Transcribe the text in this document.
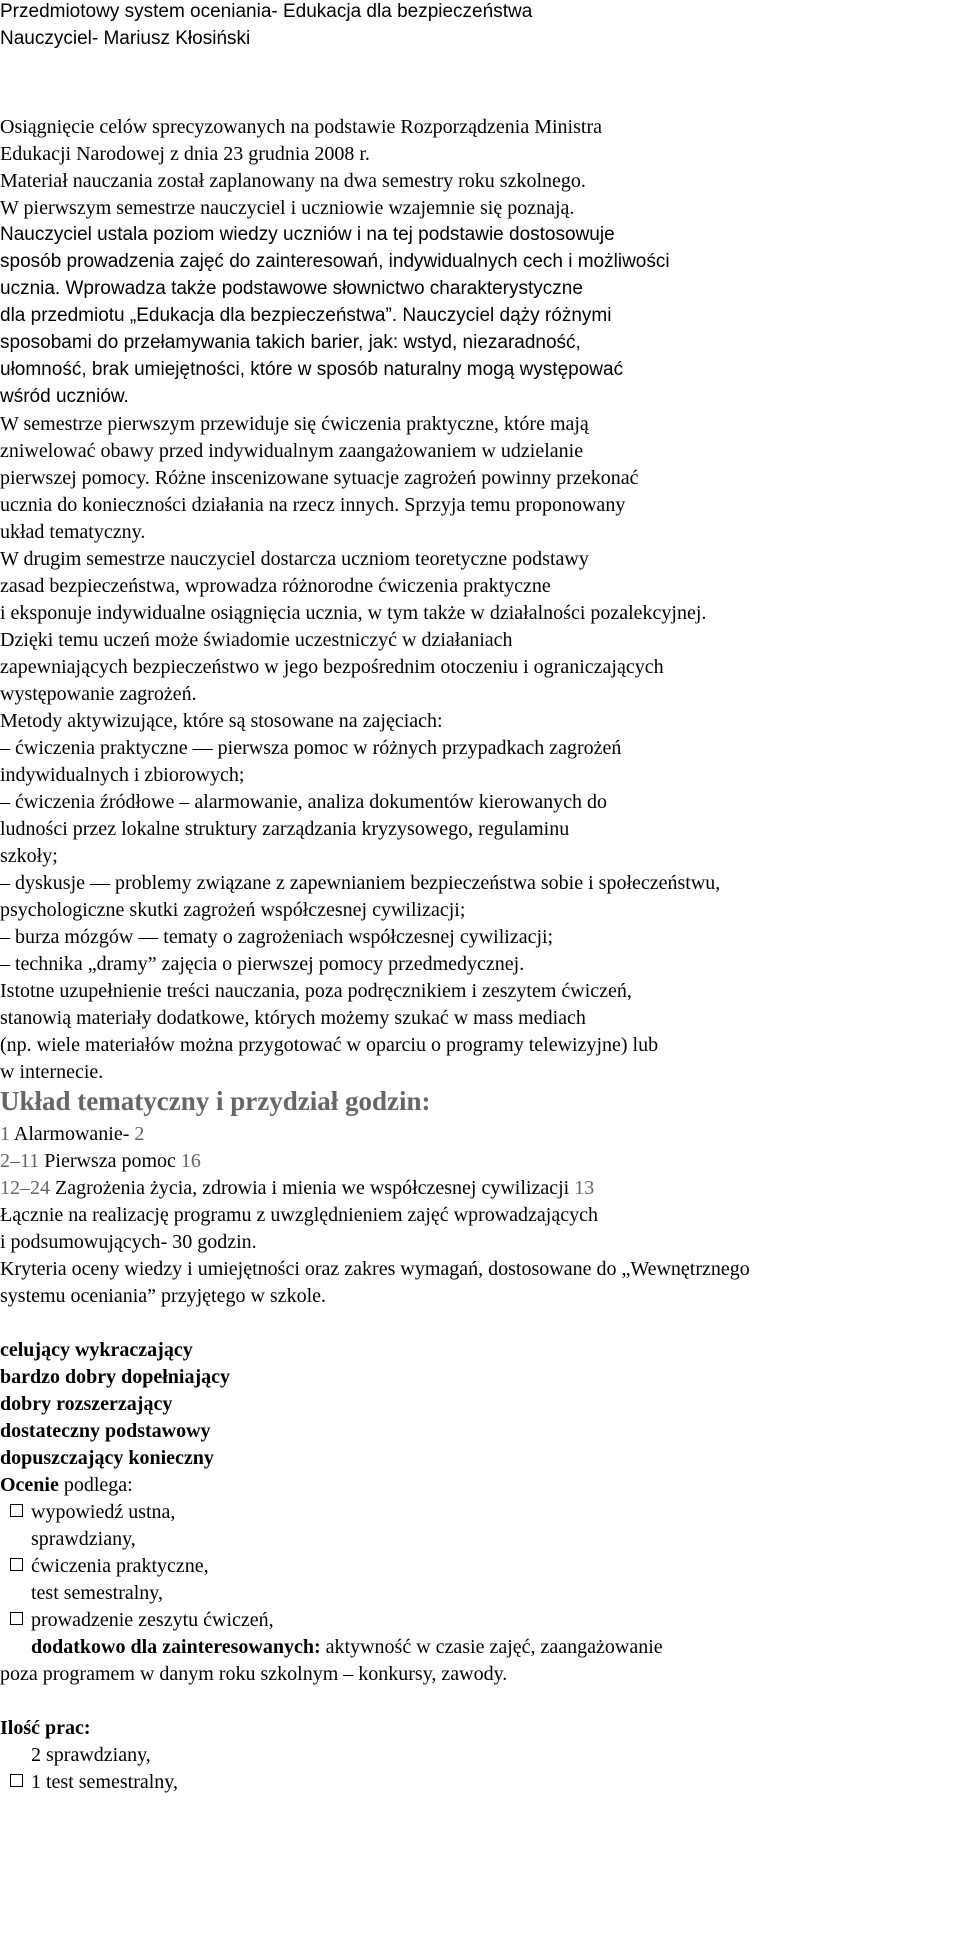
Przedmiotowy system oceniania- Edukacja dla bezpieczeństwa
Nauczyciel- Mariusz Kłosiński
Osiągnięcie celów sprecyzowanych na podstawie Rozporządzenia Ministra
Edukacji Narodowej z dnia 23 grudnia 2008 r.
Materiał nauczania został zaplanowany na dwa semestry roku szkolnego.
W pierwszym semestrze nauczyciel i uczniowie wzajemnie się poznają.
Nauczyciel ustala poziom wiedzy uczniów i na tej podstawie dostosowuje
sposób prowadzenia zajęć do zainteresowań, indywidualnych cech i możliwości
ucznia. Wprowadza także podstawowe słownictwo charakterystyczne
dla przedmiotu „Edukacja dla bezpieczeństwa”. Nauczyciel dąży różnymi
sposobami do przełamywania takich barier, jak: wstyd, niezaradność,
ułomność, brak umiejętności, które w sposób naturalny mogą występować
wśród uczniów.
W semestrze pierwszym przewiduje się ćwiczenia praktyczne, które mają
zniwelować obawy przed indywidualnym zaangażowaniem w udzielanie
pierwszej pomocy. Różne inscenizowane sytuacje zagrożeń powinny przekonać
ucznia do konieczności działania na rzecz innych. Sprzyja temu proponowany
układ tematyczny.
W drugim semestrze nauczyciel dostarcza uczniom teoretyczne podstawy
zasad bezpieczeństwa, wprowadza różnorodne ćwiczenia praktyczne
i eksponuje indywidualne osiągnięcia ucznia, w tym także w działalności pozalekcyjnej.
Dzięki temu uczeń może świadomie uczestniczyć w działaniach
zapewniających bezpieczeństwo w jego bezpośrednim otoczeniu i ograniczających
występowanie zagrożeń.
Metody aktywizujące, które są stosowane na zajęciach:
– ćwiczenia praktyczne — pierwsza pomoc w różnych przypadkach zagrożeń
indywidualnych i zbiorowych;
– ćwiczenia źródłowe – alarmowanie, analiza dokumentów kierowanych do
ludności przez lokalne struktury zarządzania kryzysowego, regulaminu
szkoły;
– dyskusje — problemy związane z zapewnianiem bezpieczeństwa sobie i społeczeństwu,
psychologiczne skutki zagrożeń współczesnej cywilizacji;
– burza mózgów — tematy o zagrożeniach współczesnej cywilizacji;
– technika „dramy” zajęcia o pierwszej pomocy przedmedycznej.
Istotne uzupełnienie treści nauczania, poza podręcznikiem i zeszytem ćwiczeń,
stanowią materiały dodatkowe, których możemy szukać w mass mediach
(np. wiele materiałów można przygotować w oparciu o programy telewizyjne) lub
w internecie.
Układ tematyczny i przydział godzin:
1 Alarmowanie- 2
2–11 Pierwsza pomoc 16
12–24 Zagrożenia życia, zdrowia i mienia we współczesnej cywilizacji 13
Łącznie na realizację programu z uwzględnieniem zajęć wprowadzających
i podsumowujących- 30 godzin.
Kryteria oceny wiedzy i umiejętności oraz zakres wymagań, dostosowane do „Wewnętrznego
systemu oceniania” przyjętego w szkole.
celujący wykraczający
bardzo dobry dopełniający
dobry rozszerzający
dostateczny podstawowy
dopuszczający konieczny
Ocenie podlega:
wypowiedź ustna,
sprawdziany,
ćwiczenia praktyczne,
test semestralny,
prowadzenie zeszytu ćwiczeń,
dodatkowo dla zainteresowanych: aktywność w czasie zajęć, zaangażowanie
poza programem w danym roku szkolnym – konkursy, zawody.
Ilość prac:
2 sprawdziany,
1 test semestralny,
